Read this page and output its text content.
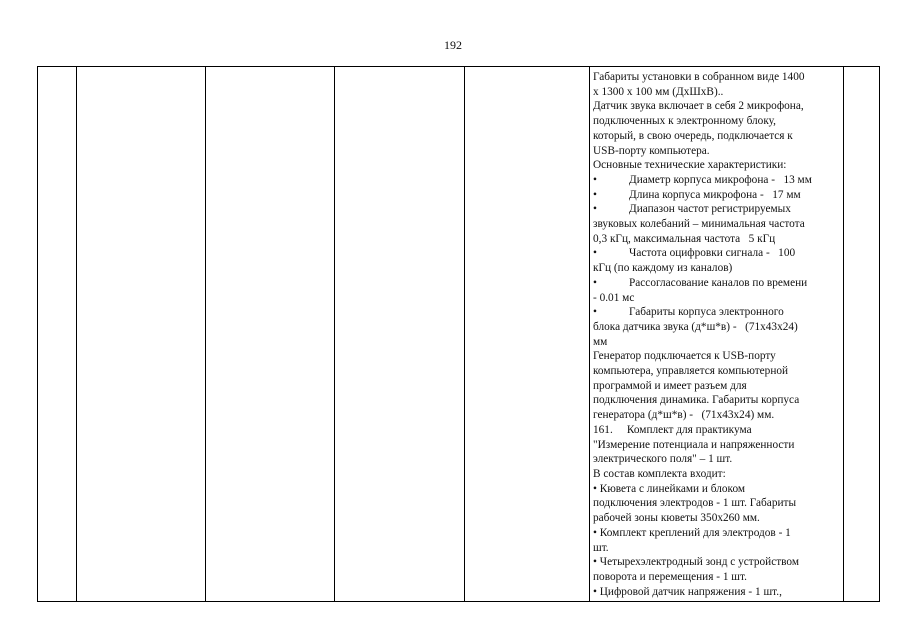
192

Габариты установки в собранном виде 1400
х 1300 х 100 мм (ДхШхВ)..
Датчик звука включает в себя 2 микрофона,
подключенных к электронному блоку,
который, в свою очередь, подключается к
USB-порту компьютера.
Основные технические характеристики:
•	Диаметр корпуса микрофона -   13 мм
•	Длина корпуса микрофона -   17 мм
•	Диапазон частот регистрируемых
звуковых колебаний – минимальная частота
0,3 кГц, максимальная частота   5 кГц
•	Частота оцифровки сигнала -   100
кГц (по каждому из каналов)
•	Рассогласование каналов по времени
- 0.01 мс
•	Габариты корпуса электронного
блока датчика звука (д*ш*в) -   (71х43х24)
мм
Генератор подключается к USB-порту
компьютера, управляется компьютерной
программой и имеет разъем для
подключения динамика. Габариты корпуса
генератора (д*ш*в) -   (71х43х24) мм.
161.     Комплект для практикума
"Измерение потенциала и напряженности
электрического поля" – 1 шт.
В состав комплекта входит:
• Кювета с линейками и блоком
подключения электродов - 1 шт. Габариты
рабочей зоны кюветы 350х260 мм.
• Комплект креплений для электродов - 1
шт.
• Четырехэлектродный зонд с устройством
поворота и перемещения - 1 шт.
• Цифровой датчик напряжения - 1 шт.,
